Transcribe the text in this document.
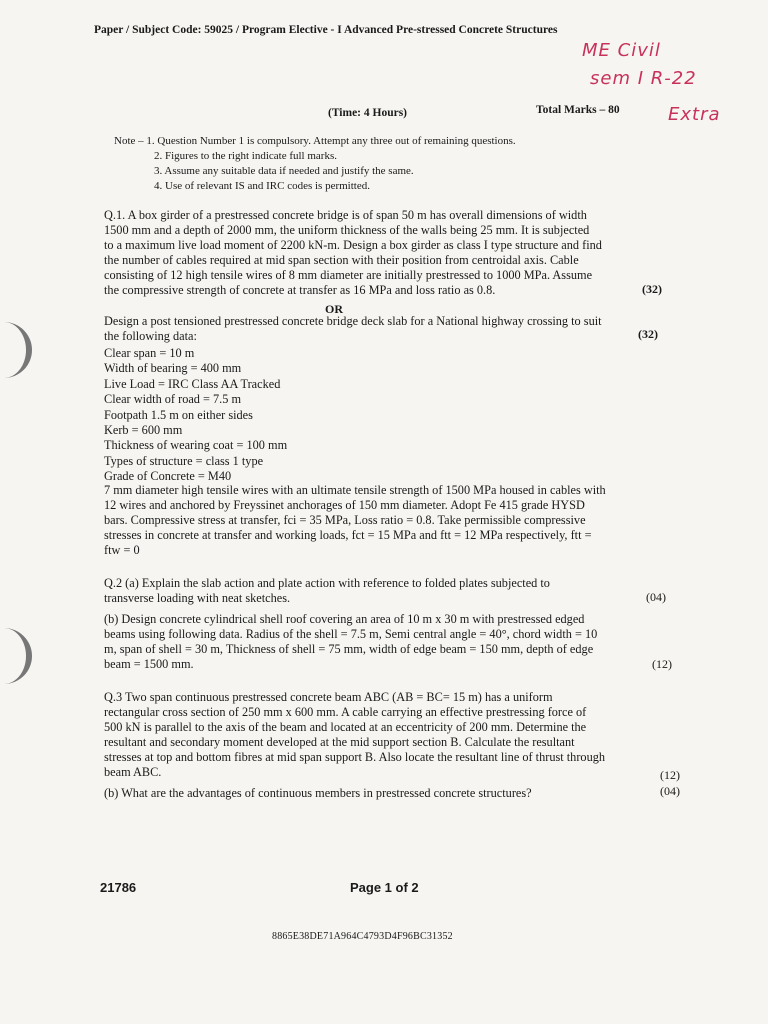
Paper / Subject Code: 59025 / Program Elective - I Advanced Pre-stressed Concrete Structures
ME Civil
sem I R-22
Extra
(Time: 4 Hours)	Total Marks – 80
Note – 1. Question Number 1 is compulsory. Attempt any three out of remaining questions.
2. Figures to the right indicate full marks.
3. Assume any suitable data if needed and justify the same.
4. Use of relevant IS and IRC codes is permitted.
Q.1. A box girder of a prestressed concrete bridge is of span 50 m has overall dimensions of width
1500 mm and a depth of 2000 mm, the uniform thickness of the walls being 25 mm. It is subjected
to a maximum live load moment of 2200 kN-m. Design a box girder as class I type structure and find
the number of cables required at mid span section with their position from centroidal axis. Cable
consisting of 12 high tensile wires of 8 mm diameter are initially prestressed to 1000 MPa. Assume
the compressive strength of concrete at transfer as 16 MPa and loss ratio as 0.8.	(32)
OR
Design a post tensioned prestressed concrete bridge deck slab for a National highway crossing to suit
the following data:	(32)
Clear span = 10 m
Width of bearing = 400 mm
Live Load = IRC Class AA Tracked
Clear width of road = 7.5 m
Footpath 1.5 m on either sides
Kerb = 600 mm
Thickness of wearing coat = 100 mm
Types of structure = class 1 type
Grade of Concrete = M40
7 mm diameter high tensile wires with an ultimate tensile strength of 1500 MPa housed in cables with
12 wires and anchored by Freyssinet anchorages of 150 mm diameter. Adopt Fe 415 grade HYSD
bars. Compressive stress at transfer, fci = 35 MPa, Loss ratio = 0.8. Take permissible compressive
stresses in concrete at transfer and working loads, fct = 15 MPa and ftt = 12 MPa respectively, ftt =
ftw = 0
Q.2 (a) Explain the slab action and plate action with reference to folded plates subjected to
transverse loading with neat sketches.	(04)
(b) Design concrete cylindrical shell roof covering an area of 10 m x 30 m with prestressed edged
beams using following data. Radius of the shell = 7.5 m, Semi central angle = 40°, chord width = 10
m, span of shell = 30 m, Thickness of shell = 75 mm, width of edge beam = 150 mm, depth of edge
beam = 1500 mm.	(12)
Q.3 Two span continuous prestressed concrete beam ABC (AB = BC= 15 m) has a uniform
rectangular cross section of 250 mm x 600 mm. A cable carrying an effective prestressing force of
500 kN is parallel to the axis of the beam and located at an eccentricity of 200 mm. Determine the
resultant and secondary moment developed at the mid support section B. Calculate the resultant
stresses at top and bottom fibres at mid span support B. Also locate the resultant line of thrust through
beam ABC.	(12)
(b) What are the advantages of continuous members in prestressed concrete structures?	(04)
21786	Page 1 of 2
8865E38DE71A964C4793D4F96BC31352
